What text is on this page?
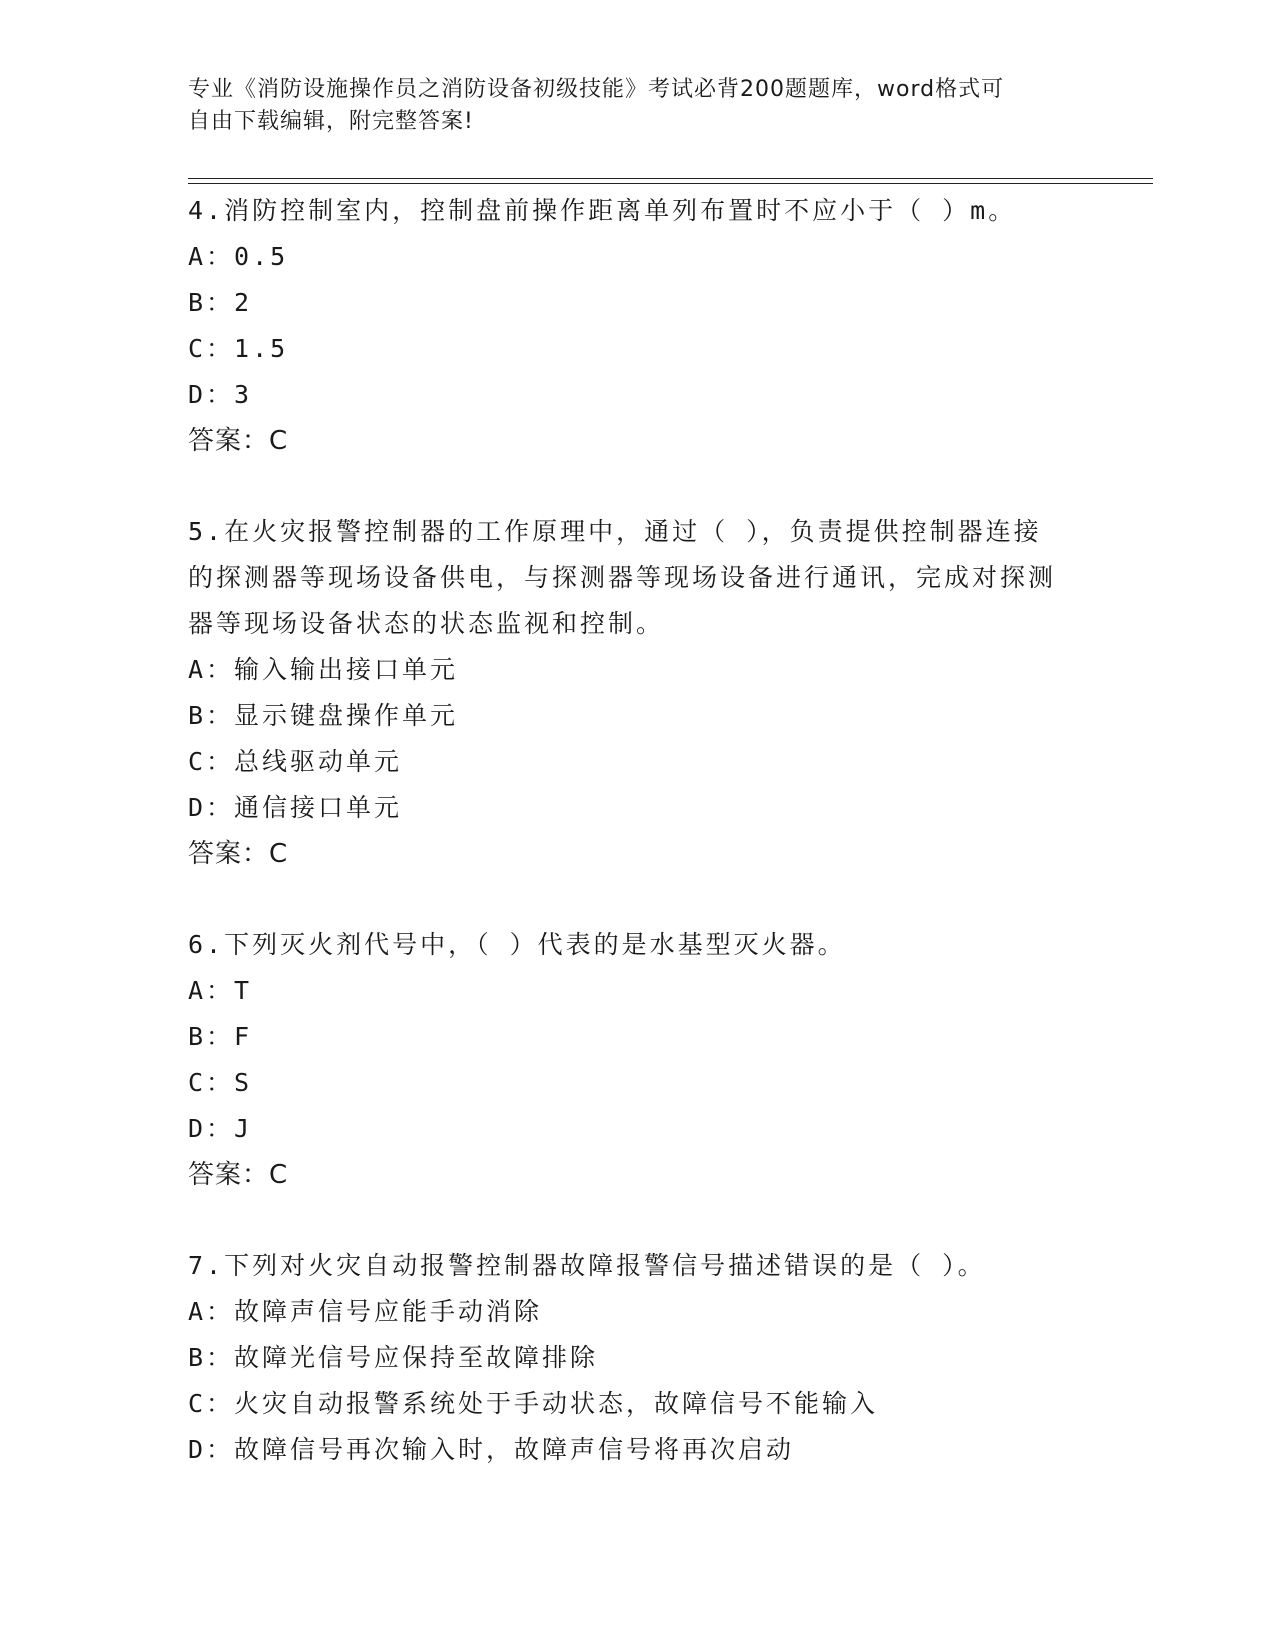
专业《消防设施操作员之消防设备初级技能》考试必背200题题库，word格式可
自由下载编辑，附完整答案!
4.消防控制室内，控制盘前操作距离单列布置时不应小于（ ）m。
A：0.5
B：2
C：1.5
D：3
答案：C
5.在火灾报警控制器的工作原理中，通过（ ），负责提供控制器连接的探测器等现场设备供电，与探测器等现场设备进行通讯，完成对探测器等现场设备状态的状态监视和控制。
A：输入输出接口单元
B：显示键盘操作单元
C：总线驱动单元
D：通信接口单元
答案：C
6.下列灭火剂代号中，（ ）代表的是水基型灭火器。
A：T
B：F
C：S
D：J
答案：C
7.下列对火灾自动报警控制器故障报警信号描述错误的是（ ）。
A：故障声信号应能手动消除
B：故障光信号应保持至故障排除
C：火灾自动报警系统处于手动状态，故障信号不能输入
D：故障信号再次输入时，故障声信号将再次启动
